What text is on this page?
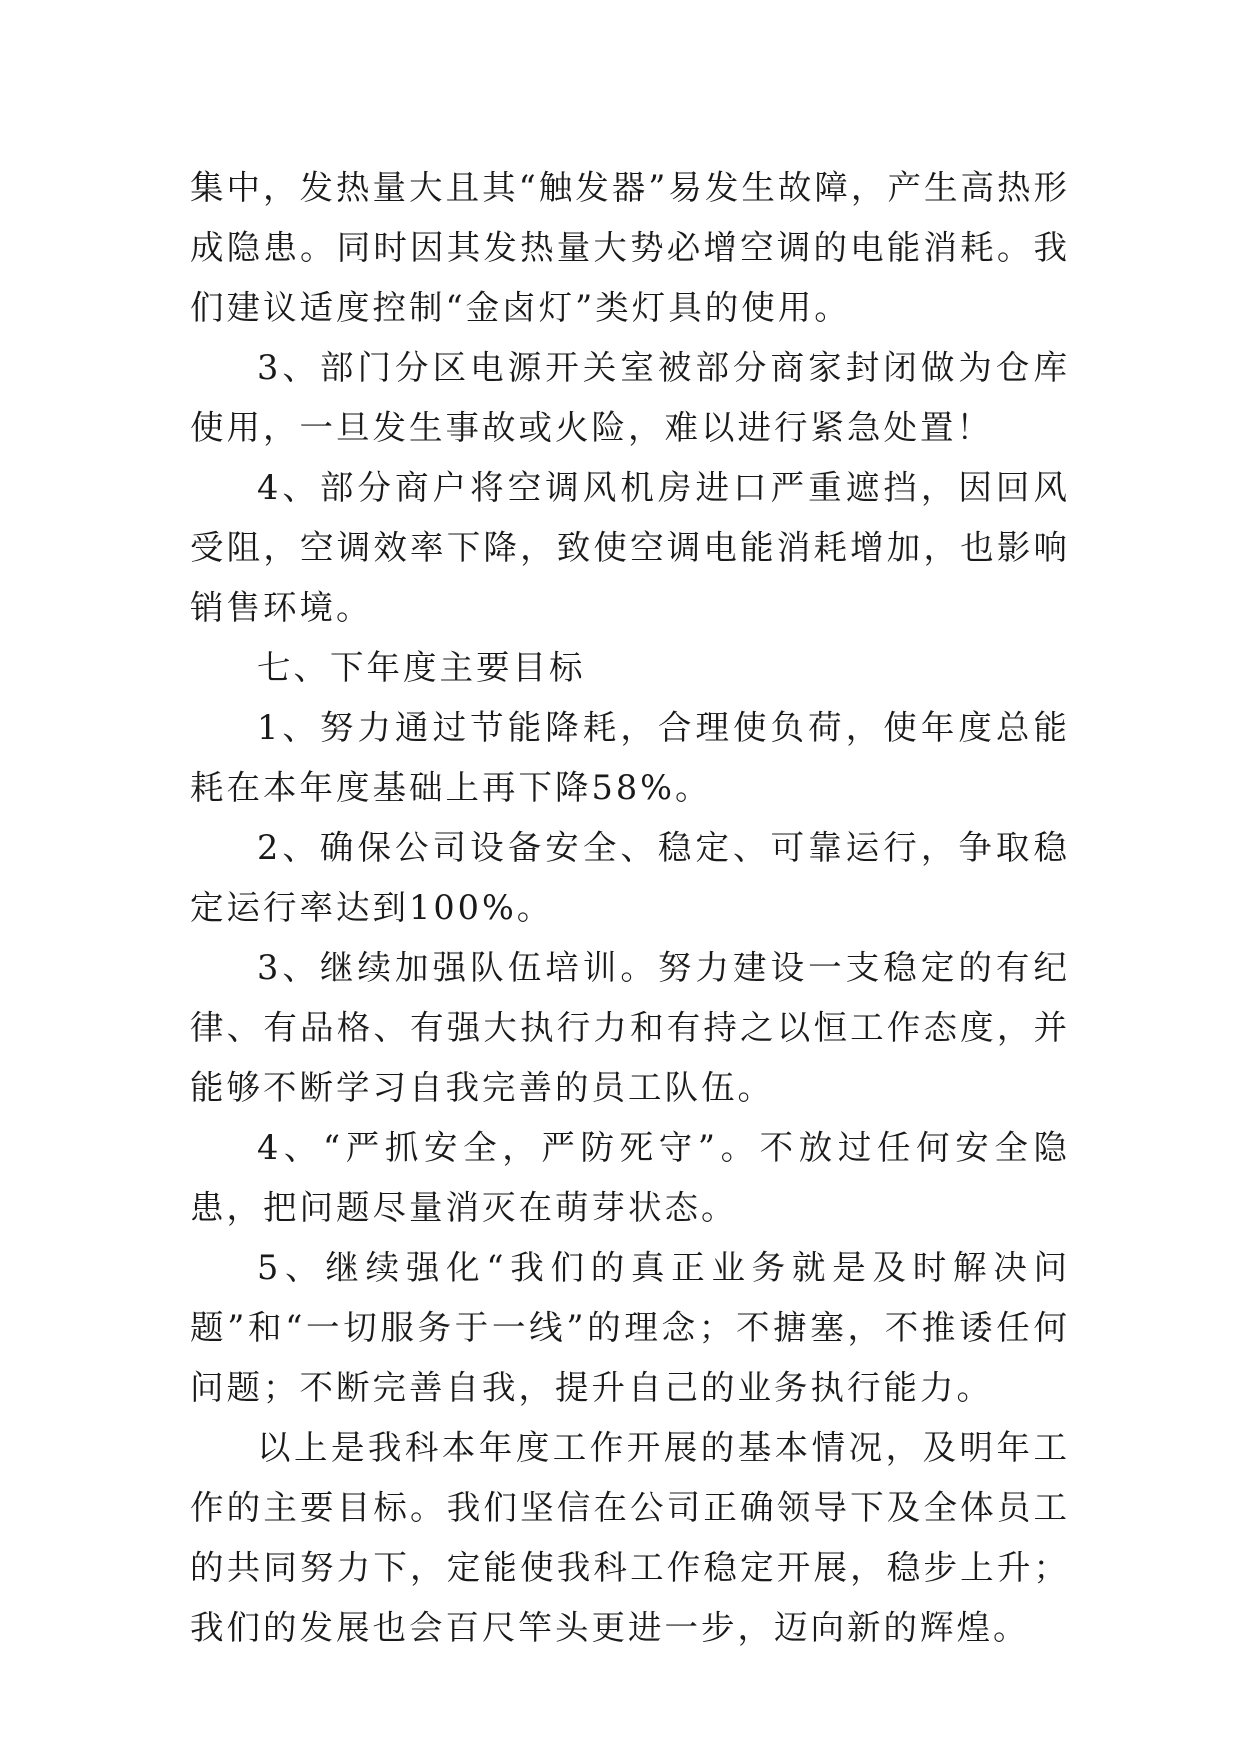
集中，发热量大且其“触发器”易发生故障，产生高热形成隐患。同时因其发热量大势必增空调的电能消耗。我们建议适度控制“金卤灯”类灯具的使用。

3、部门分区电源开关室被部分商家封闭做为仓库使用，一旦发生事故或火险，难以进行紧急处置！

4、部分商户将空调风机房进口严重遮挡，因回风受阻，空调效率下降，致使空调电能消耗增加，也影响销售环境。

七、下年度主要目标

1、努力通过节能降耗，合理使负荷，使年度总能耗在本年度基础上再下降58%。

2、确保公司设备安全、稳定、可靠运行，争取稳定运行率达到100%。

3、继续加强队伍培训。努力建设一支稳定的有纪律、有品格、有强大执行力和有持之以恒工作态度，并能够不断学习自我完善的员工队伍。

4、“严抓安全，严防死守”。不放过任何安全隐患，把问题尽量消灭在萌芽状态。

5、继续强化“我们的真正业务就是及时解决问题”和“一切服务于一线”的理念；不搪塞，不推诿任何问题；不断完善自我，提升自己的业务执行能力。

以上是我科本年度工作开展的基本情况，及明年工作的主要目标。我们坚信在公司正确领导下及全体员工的共同努力下，定能使我科工作稳定开展，稳步上升；我们的发展也会百尺竿头更进一步，迈向新的辉煌。
